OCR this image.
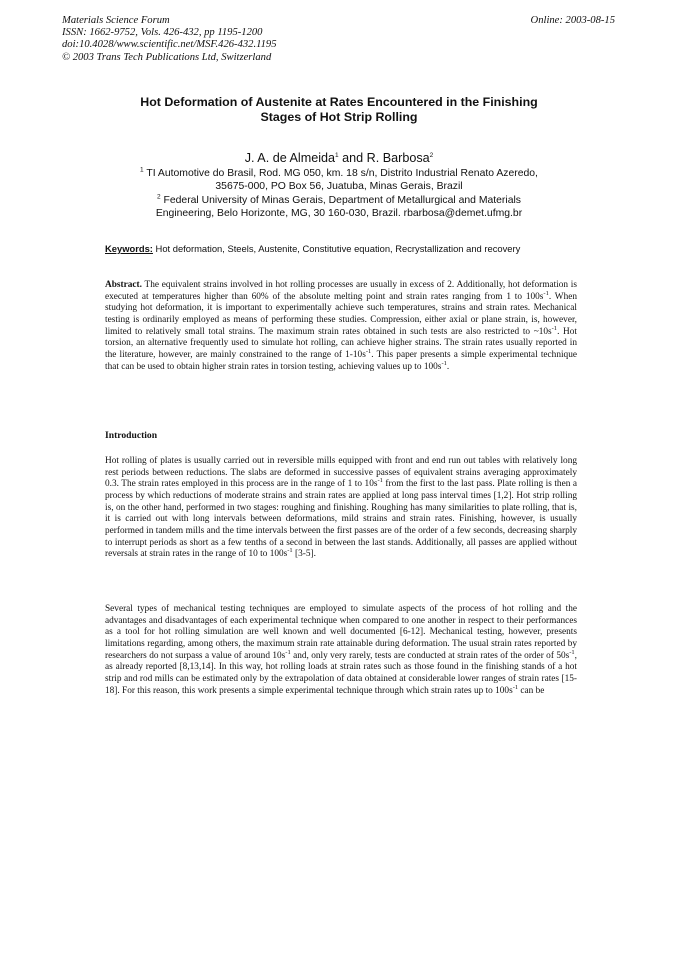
Materials Science Forum
ISSN: 1662-9752, Vols. 426-432, pp 1195-1200
doi:10.4028/www.scientific.net/MSF.426-432.1195
© 2003 Trans Tech Publications Ltd, Switzerland
Online: 2003-08-15
Hot Deformation of Austenite at Rates Encountered in the Finishing
Stages of Hot Strip Rolling
J. A. de Almeida$^1$ and R. Barbosa$^2$
$^1$ TI Automotive do Brasil, Rod. MG 050, km. 18 s/n, Distrito Industrial Renato Azeredo,
35675-000, PO Box 56, Juatuba, Minas Gerais, Brazil
$^2$ Federal University of Minas Gerais, Department of Metallurgical and Materials
Engineering, Belo Horizonte, MG, 30 160-030, Brazil. rbarbosa@demet.ufmg.br
Keywords: Hot deformation, Steels, Austenite, Constitutive equation, Recrystallization and recovery
Abstract. The equivalent strains involved in hot rolling processes are usually in excess of 2. Additionally, hot deformation is executed at temperatures higher than 60% of the absolute melting point and strain rates ranging from 1 to $100s^{-1}$. When studying hot deformation, it is important to experimentally achieve such temperatures, strains and strain rates. Mechanical testing is ordinarily employed as means of performing these studies. Compression, either axial or plane strain, is, however, limited to relatively small total strains. The maximum strain rates obtained in such tests are also restricted to $\sim 10s^{-1}$. Hot torsion, an alternative frequently used to simulate hot rolling, can achieve higher strains. The strain rates usually reported in the literature, however, are mainly constrained to the range of $1-10s^{-1}$. This paper presents a simple experimental technique that can be used to obtain higher strain rates in torsion testing, achieving values up to $100s^{-1}$.
Introduction
Hot rolling of plates is usually carried out in reversible mills equipped with front and end run out tables with relatively long rest periods between reductions. The slabs are deformed in successive passes of equivalent strains averaging approximately 0.3. The strain rates employed in this process are in the range of 1 to $10s^{-1}$ from the first to the last pass. Plate rolling is then a process by which reductions of moderate strains and strain rates are applied at long pass interval times [1,2]. Hot strip rolling is, on the other hand, performed in two stages: roughing and finishing. Roughing has many similarities to plate rolling, that is, it is carried out with long intervals between deformations, mild strains and strain rates. Finishing, however, is usually performed in tandem mills and the time intervals between the first passes are of the order of a few seconds, decreasing sharply to interrupt periods as short as a few tenths of a second in between the last stands. Additionally, all passes are applied without reversals at strain rates in the range of 10 to $100s^{-1}$ [3-5].
Several types of mechanical testing techniques are employed to simulate aspects of the process of hot rolling and the advantages and disadvantages of each experimental technique when compared to one another in respect to their performances as a tool for hot rolling simulation are well known and well documented [6-12]. Mechanical testing, however, presents limitations regarding, among others, the maximum strain rate attainable during deformation. The usual strain rates reported by researchers do not surpass a value of around $10s^{-1}$ and, only very rarely, tests are conducted at strain rates of the order of $50s^{-1}$, as already reported [8,13,14]. In this way, hot rolling loads at strain rates such as those found in the finishing stands of a hot strip and rod mills can be estimated only by the extrapolation of data obtained at considerable lower ranges of strain rates [15-18]. For this reason, this work presents a simple experimental technique through which strain rates up to $100s^{-1}$ can be
